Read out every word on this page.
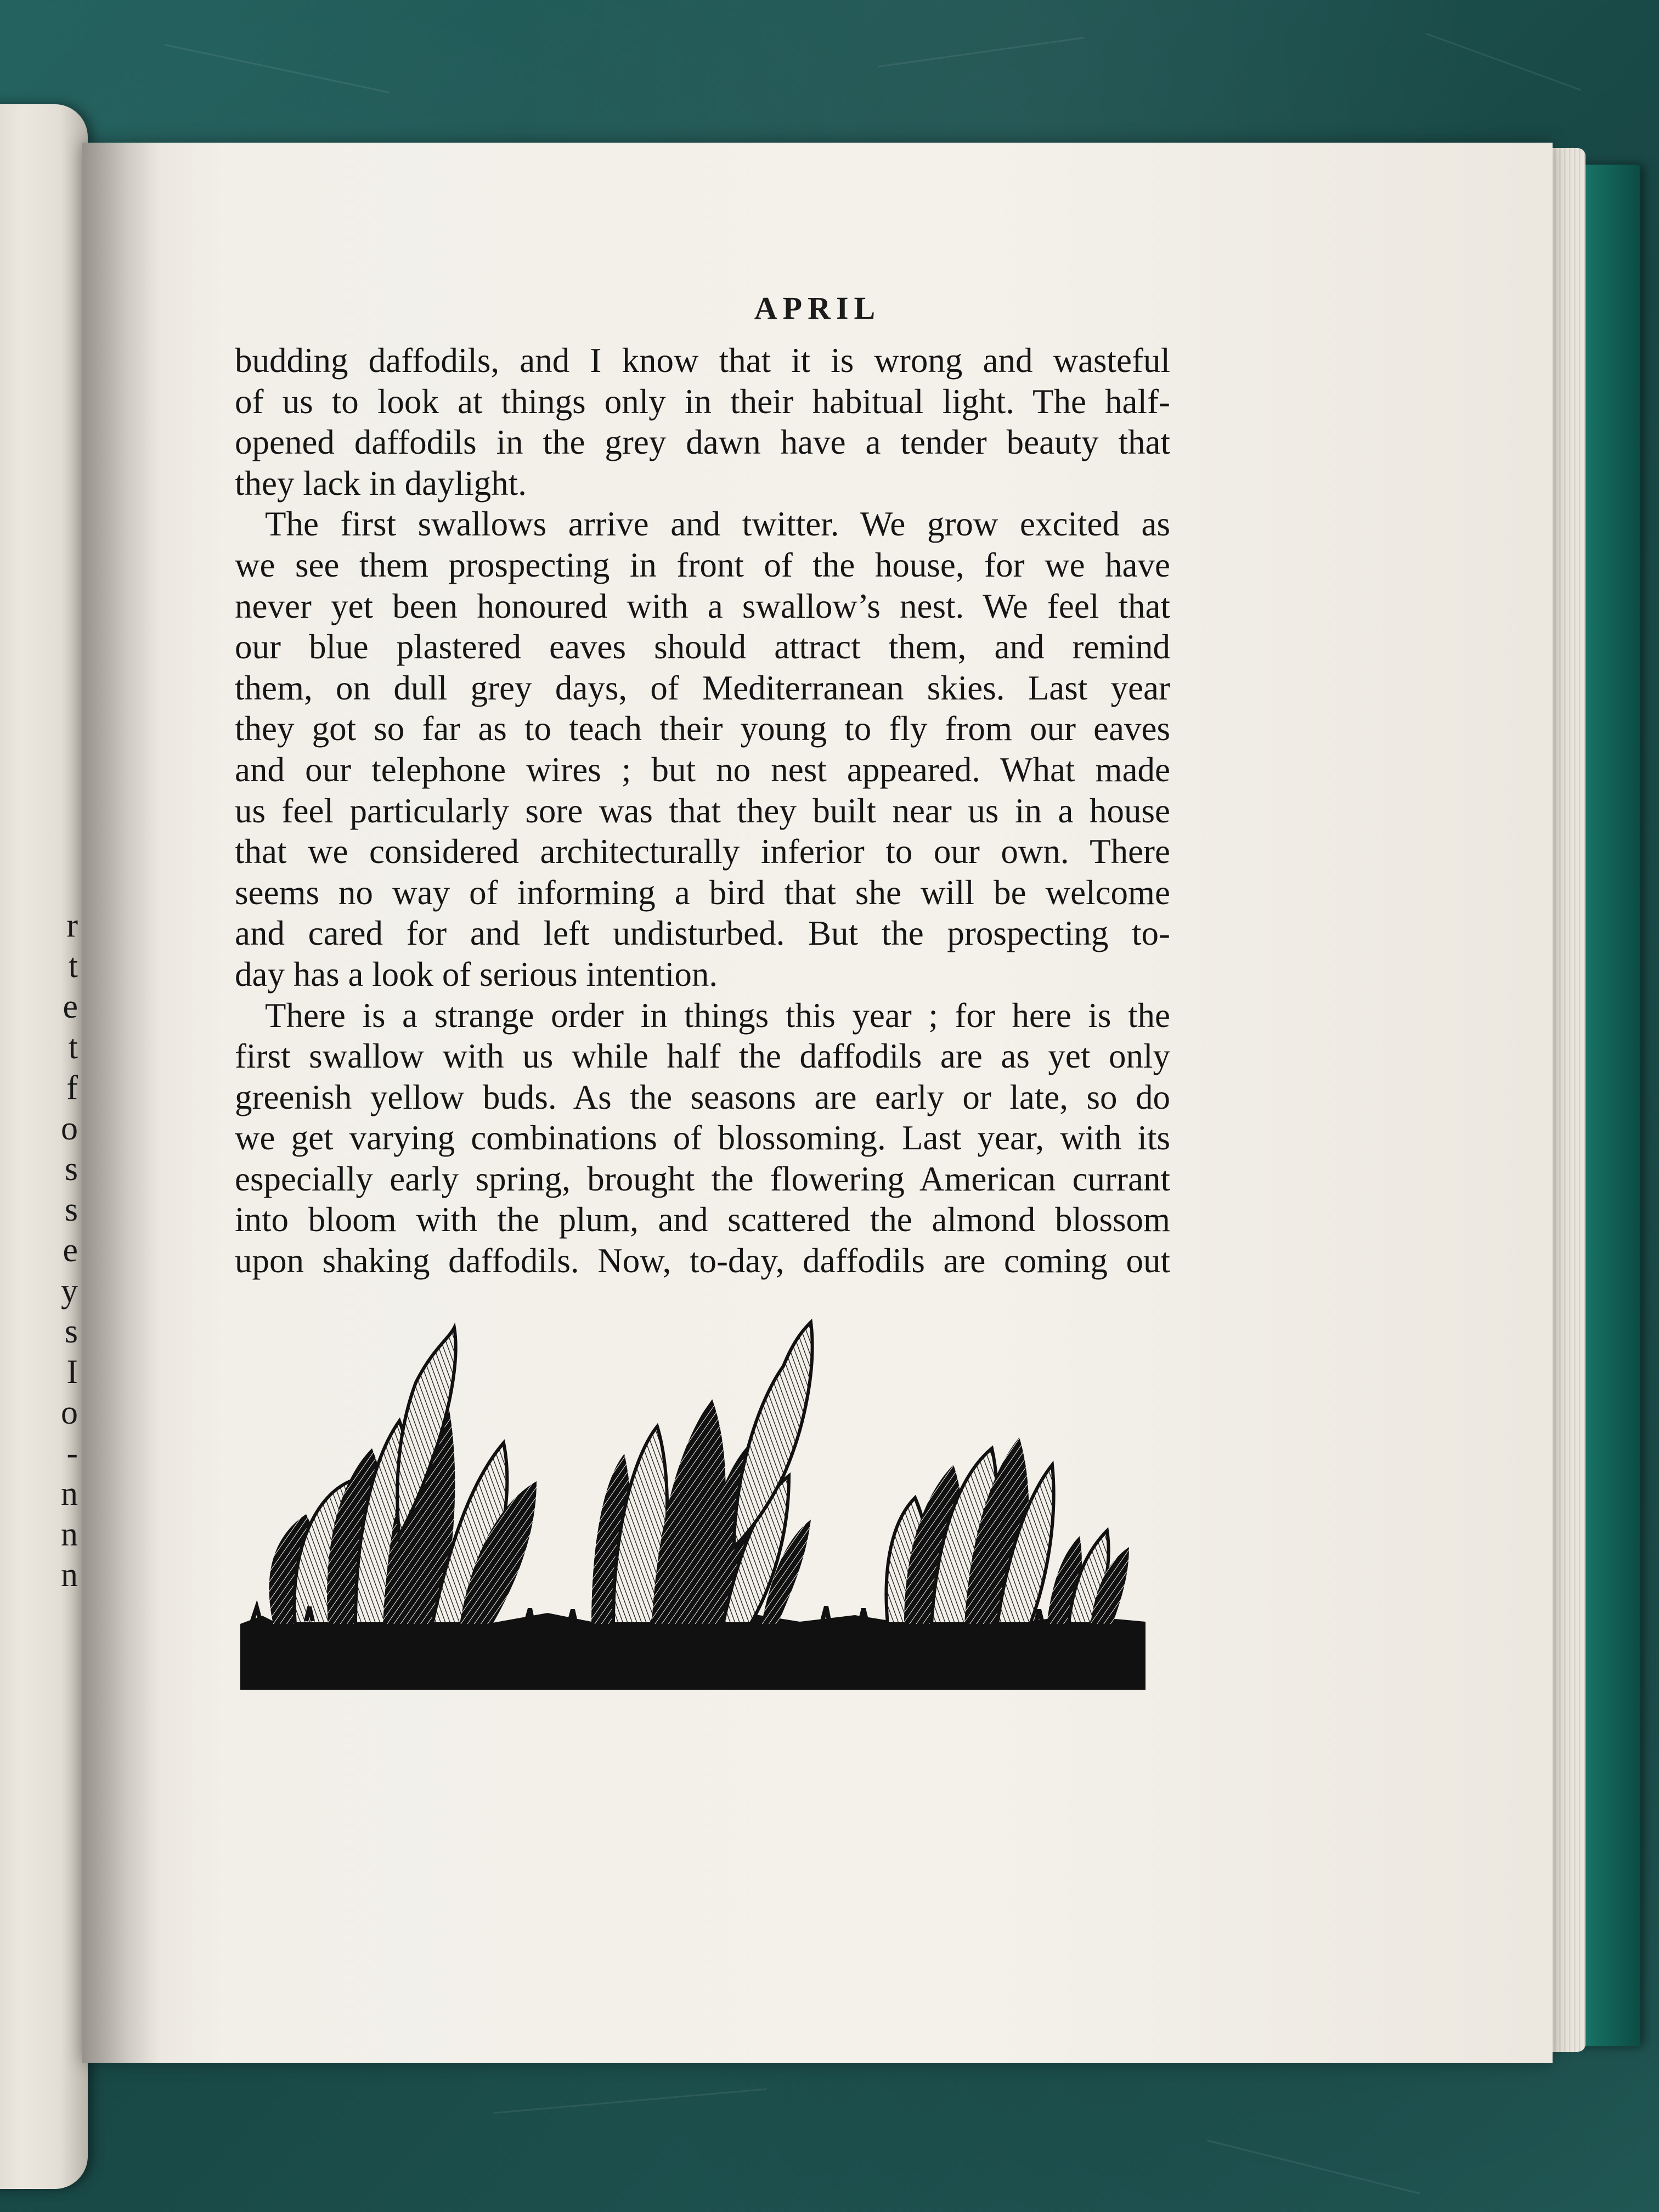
r
t
e
t
f
o
s
s
e
y
s
I
o
-
n
n
n
APRIL
budding daffodils, and I know that it is wrong and wasteful
of us to look at things only in their habitual light. The half-
opened daffodils in the grey dawn have a tender beauty that
they lack in daylight.
The first swallows arrive and twitter. We grow excited as
we see them prospecting in front of the house, for we have
never yet been honoured with a swallow’s nest. We feel that
our blue plastered eaves should attract them, and remind
them, on dull grey days, of Mediterranean skies. Last year
they got so far as to teach their young to fly from our eaves
and our telephone wires ; but no nest appeared. What made
us feel particularly sore was that they built near us in a house
that we considered architecturally inferior to our own. There
seems no way of informing a bird that she will be welcome
and cared for and left undisturbed. But the prospecting to-
day has a look of serious intention.
There is a strange order in things this year ; for here is the
first swallow with us while half the daffodils are as yet only
greenish yellow buds. As the seasons are early or late, so do
we get varying combinations of blossoming. Last year, with its
especially early spring, brought the flowering American currant
into bloom with the plum, and scattered the almond blossom
upon shaking daffodils. Now, to-day, daffodils are coming out
